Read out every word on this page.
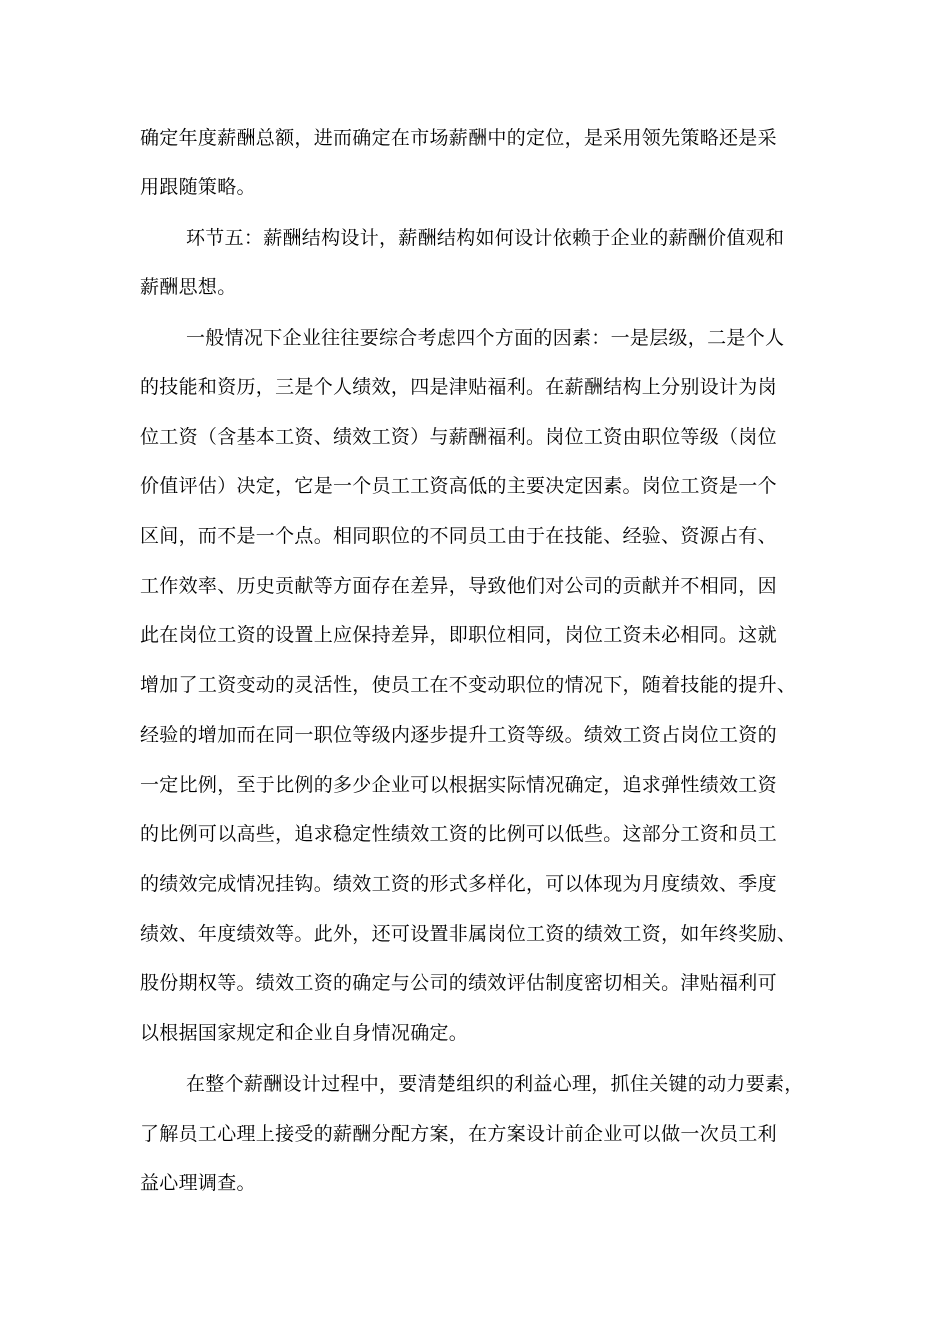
确定年度薪酬总额，进而确定在市场薪酬中的定位，是采用领先策略还是采
用跟随策略。
环节五：薪酬结构设计，薪酬结构如何设计依赖于企业的薪酬价值观和
薪酬思想。
一般情况下企业往往要综合考虑四个方面的因素：一是层级，二是个人
的技能和资历，三是个人绩效，四是津贴福利。在薪酬结构上分别设计为岗
位工资（含基本工资、绩效工资）与薪酬福利。岗位工资由职位等级（岗位
价值评估）决定，它是一个员工工资高低的主要决定因素。岗位工资是一个
区间，而不是一个点。相同职位的不同员工由于在技能、经验、资源占有、
工作效率、历史贡献等方面存在差异，导致他们对公司的贡献并不相同，因
此在岗位工资的设置上应保持差异，即职位相同，岗位工资未必相同。这就
增加了工资变动的灵活性，使员工在不变动职位的情况下，随着技能的提升、
经验的增加而在同一职位等级内逐步提升工资等级。绩效工资占岗位工资的
一定比例，至于比例的多少企业可以根据实际情况确定，追求弹性绩效工资
的比例可以高些，追求稳定性绩效工资的比例可以低些。这部分工资和员工
的绩效完成情况挂钩。绩效工资的形式多样化，可以体现为月度绩效、季度
绩效、年度绩效等。此外，还可设置非属岗位工资的绩效工资，如年终奖励、
股份期权等。绩效工资的确定与公司的绩效评估制度密切相关。津贴福利可
以根据国家规定和企业自身情况确定。
在整个薪酬设计过程中，要清楚组织的利益心理，抓住关键的动力要素，
了解员工心理上接受的薪酬分配方案，在方案设计前企业可以做一次员工利
益心理调查。
